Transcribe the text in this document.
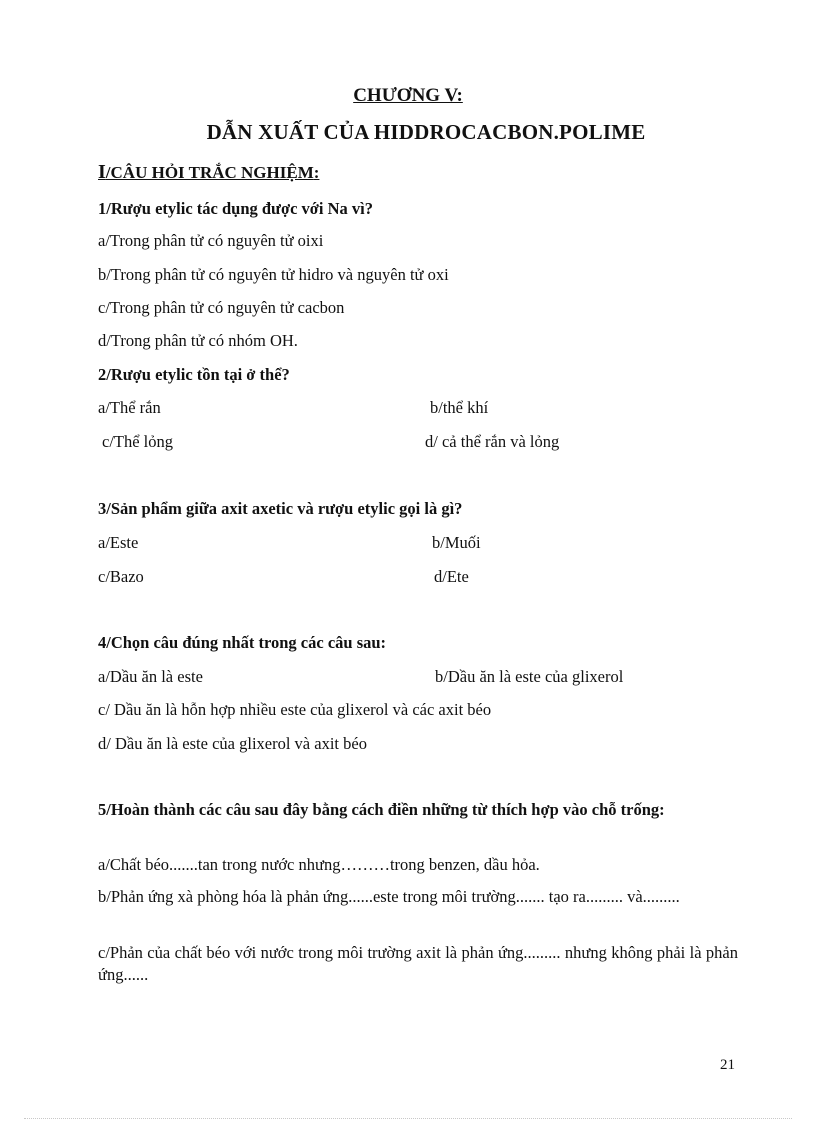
CHƯƠNG V:
DẪN XUẤT CỦA HIDDROCACBON.POLIME
I/CÂU HỎI TRẮC NGHIỆM:
1/Rượu etylic tác dụng được với Na vì?
a/Trong phân tử có nguyên tử oixi
b/Trong phân tử có nguyên tử hidro và nguyên tử oxi
c/Trong phân tử có nguyên tử cacbon
d/Trong phân tử có nhóm OH.
2/Rượu etylic tồn tại ở thể?
a/Thể rắn	b/thể khí
c/Thể lỏng	d/ cả thể rắn và lỏng
3/Sản phẩm giữa axit axetic và rượu etylic gọi là gì?
a/Este	b/Muối
c/Bazo	d/Ete
4/Chọn câu đúng nhất trong các câu sau:
a/Dầu ăn là este	b/Dầu ăn là este của glixerol
c/ Dầu ăn là hỗn hợp nhiều este của glixerol và các axit béo
d/ Dầu ăn là este của glixerol và axit béo
5/Hoàn thành các câu sau đây bằng cách điền những từ thích hợp vào chỗ trống:
a/Chất béo.......tan trong nước nhưng………trong benzen, dầu hỏa.
b/Phản ứng xà phòng hóa là phản ứng......este trong môi trường....... tạo ra......... và.........
c/Phản của chất béo với nước trong môi trường axit là phản ứng......... nhưng không phải là phản ứng......
21
